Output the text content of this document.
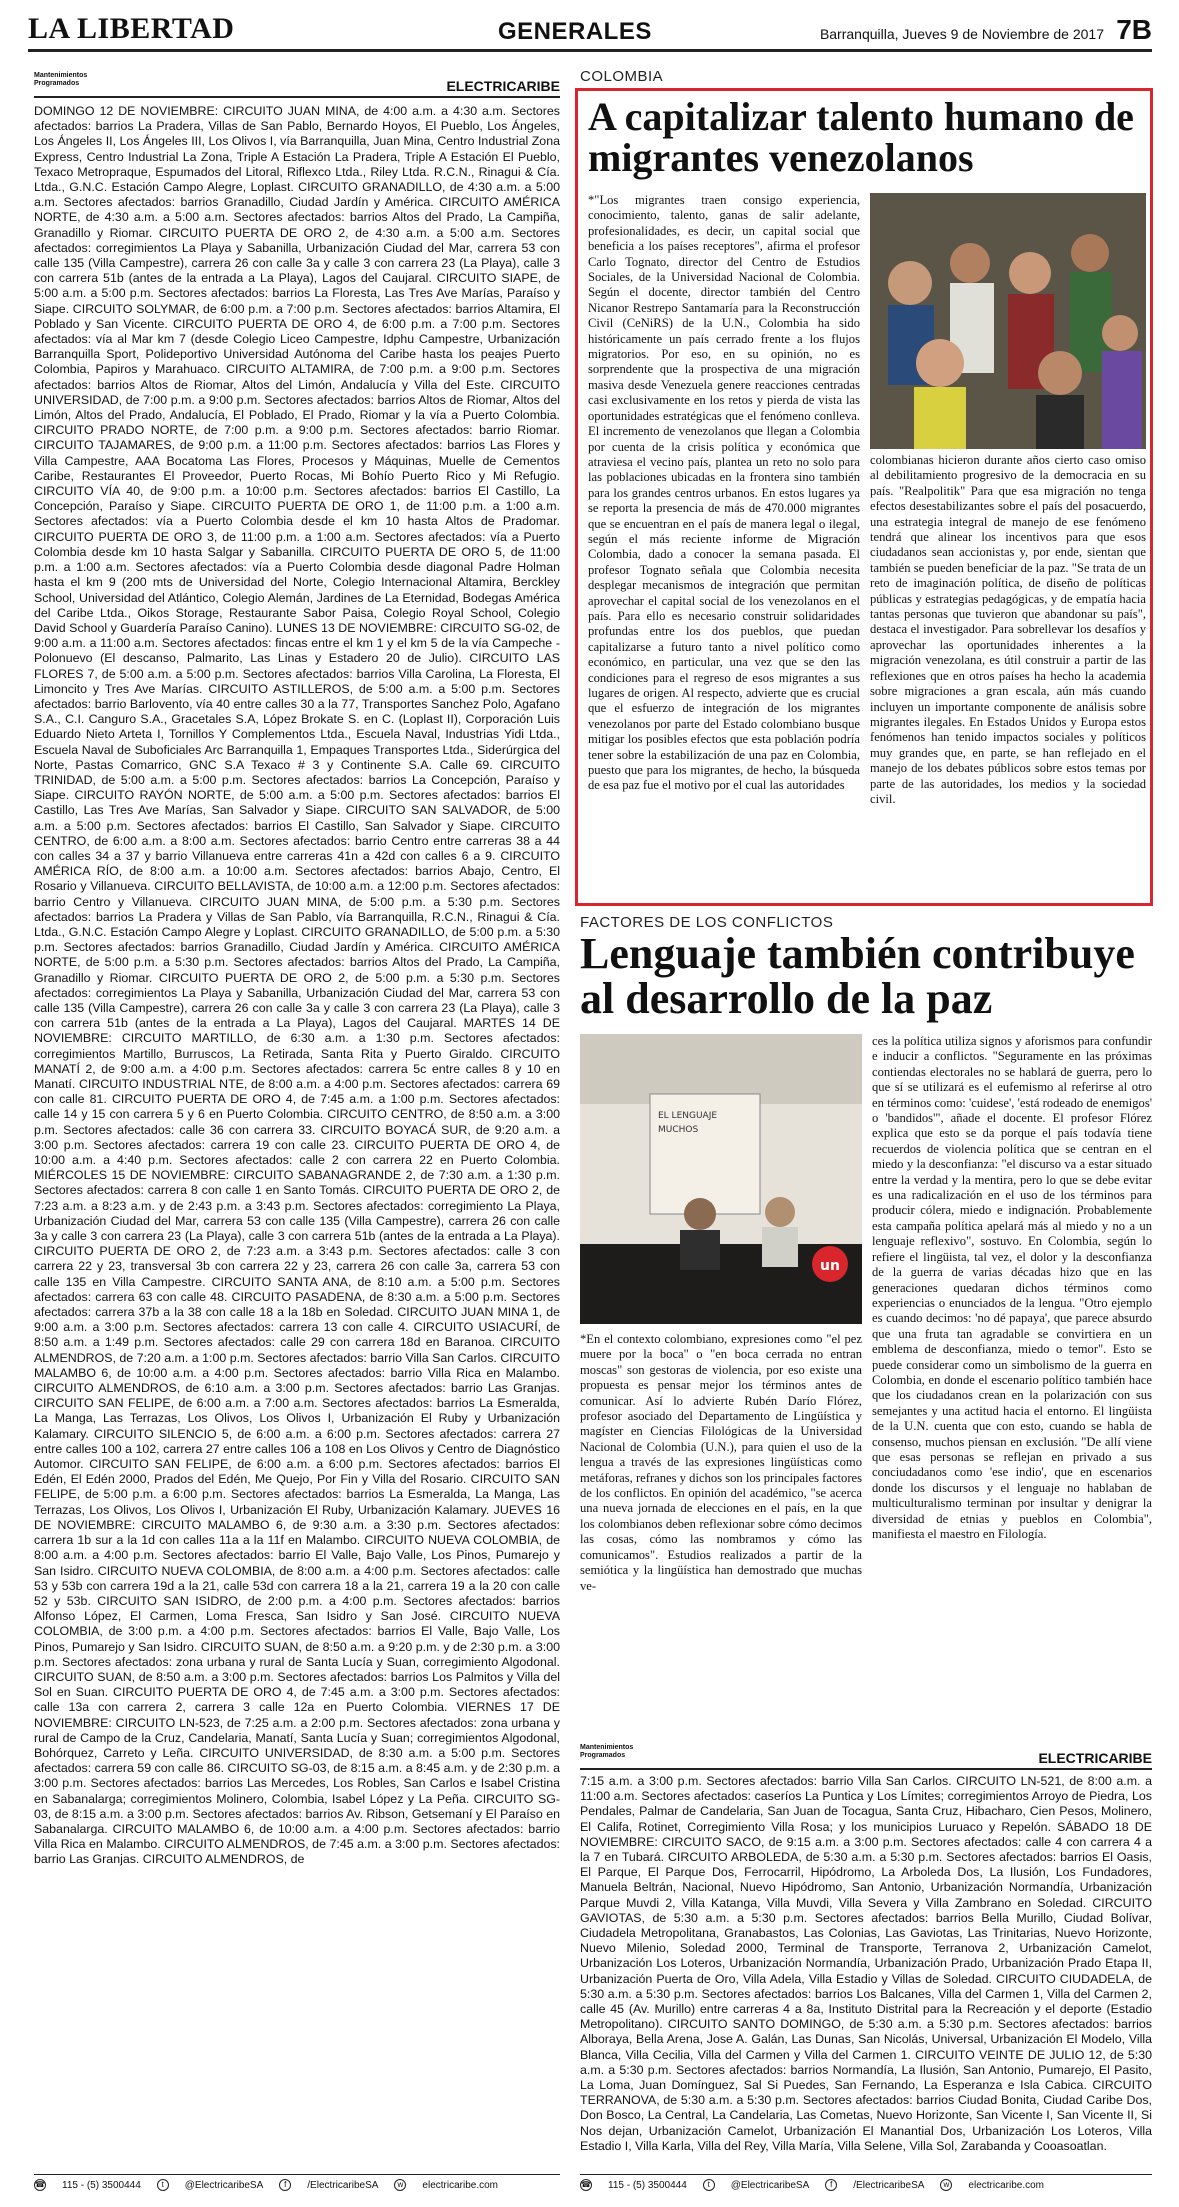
LA LIBERTAD	GENERALES	Barranquilla, Jueves 9 de Noviembre de 2017 7B
Mantenimientos
Programados	ELECTRICARIBE
DOMINGO 12 DE NOVIEMBRE: CIRCUITO JUAN MINA, de 4:00 a.m. a 4:30 a.m. Sectores afectados: barrios La Pradera, Villas de San Pablo, Bernardo Hoyos, El Pueblo, Los Ángeles, Los Ángeles II, Los Ángeles III, Los Olivos I, vía Barranquilla, Juan Mina, Centro Industrial Zona Express, Centro Industrial La Zona, Triple A Estación La Pradera, Triple A Estación El Pueblo, Texaco Metropraque, Espumados del Litoral, Riflexco Ltda., Riley Ltda. R.C.N., Rinagui & Cía. Ltda., G.N.C. Estación Campo Alegre, Loplast. CIRCUITO GRANADILLO, de 4:30 a.m. a 5:00 a.m. Sectores afectados: barrios Granadillo, Ciudad Jardín y América. CIRCUITO AMÉRICA NORTE, de 4:30 a.m. a 5:00 a.m. Sectores afectados: barrios Altos del Prado, La Campiña, Granadillo y Riomar. CIRCUITO PUERTA DE ORO 2, de 4:30 a.m. a 5:00 a.m. Sectores afectados: corregimientos La Playa y Sabanilla, Urbanización Ciudad del Mar, carrera 53 con calle 135 (Villa Campestre), carrera 26 con calle 3a y calle 3 con carrera 23 (La Playa), calle 3 con carrera 51b (antes de la entrada a La Playa), Lagos del Caujaral. CIRCUITO SIAPE, de 5:00 a.m. a 5:00 p.m. Sectores afectados: barrios La Floresta, Las Tres Ave Marías, Paraíso y Siape. CIRCUITO SOLYMAR, de 6:00 p.m. a 7:00 p.m. Sectores afectados: barrios Altamira, El Poblado y San Vicente. CIRCUITO PUERTA DE ORO 4, de 6:00 p.m. a 7:00 p.m. Sectores afectados: vía al Mar km 7 (desde Colegio Liceo Campestre, Idphu Campestre, Urbanización Barranquilla Sport, Polideportivo Universidad Autónoma del Caribe hasta los peajes Puerto Colombia, Papiros y Marahuaco. CIRCUITO ALTAMIRA, de 7:00 p.m. a 9:00 p.m. Sectores afectados: barrios Altos de Riomar, Altos del Limón, Andalucía y Villa del Este. CIRCUITO UNIVERSIDAD, de 7:00 p.m. a 9:00 p.m. Sectores afectados: barrios Altos de Riomar, Altos del Limón, Altos del Prado, Andalucía, El Poblado, El Prado, Riomar y la vía a Puerto Colombia. CIRCUITO PRADO NORTE, de 7:00 p.m. a 9:00 p.m. Sectores afectados: barrio Riomar. CIRCUITO TAJAMARES, de 9:00 p.m. a 11:00 p.m. Sectores afectados: barrios Las Flores y Villa Campestre, AAA Bocatoma Las Flores, Procesos y Máquinas, Muelle de Cementos Caribe, Restaurantes El Proveedor, Puerto Rocas, Mi Bohío Puerto Rico y Mi Refugio. CIRCUITO VÍA 40, de 9:00 p.m. a 10:00 p.m. Sectores afectados: barrios El Castillo, La Concepción, Paraíso y Siape. CIRCUITO PUERTA DE ORO 1, de 11:00 p.m. a 1:00 a.m. Sectores afectados: vía a Puerto Colombia desde el km 10 hasta Altos de Pradomar. CIRCUITO PUERTA DE ORO 3, de 11:00 p.m. a 1:00 a.m. Sectores afectados: vía a Puerto Colombia desde km 10 hasta Salgar y Sabanilla. CIRCUITO PUERTA DE ORO 5, de 11:00 p.m. a 1:00 a.m. Sectores afectados: vía a Puerto Colombia desde diagonal Padre Holman hasta el km 9 (200 mts de Universidad del Norte, Colegio Internacional Altamira, Berckley School, Universidad del Atlántico, Colegio Alemán, Jardines de La Eternidad, Bodegas América del Caribe Ltda., Oikos Storage, Restaurante Sabor Paisa, Colegio Royal School, Colegio David School y Guardería Paraíso Canino). LUNES 13 DE NOVIEMBRE: CIRCUITO SG-02, de 9:00 a.m. a 11:00 a.m. Sectores afectados: fincas entre el km 1 y el km 5 de la vía Campeche - Polonuevo (El descanso, Palmarito, Las Linas y Estadero 20 de Julio). CIRCUITO LAS FLORES 7, de 5:00 a.m. a 5:00 p.m. Sectores afectados: barrios Villa Carolina, La Floresta, El Limoncito y Tres Ave Marías. CIRCUITO ASTILLEROS, de 5:00 a.m. a 5:00 p.m. Sectores afectados: barrio Barlovento, vía 40 entre calles 30 a la 77, Transportes Sanchez Polo, Agafano S.A., C.I. Canguro S.A., Gracetales S.A, López Brokate S. en C. (Loplast II), Corporación Luis Eduardo Nieto Arteta I, Tornillos Y Complementos Ltda., Escuela Naval, Industrias Yidi Ltda., Escuela Naval de Suboficiales Arc Barranquilla 1, Empaques Transportes Ltda., Siderúrgica del Norte, Pastas Comarrico, GNC S.A Texaco # 3 y Continente S.A. Calle 69. CIRCUITO TRINIDAD, de 5:00 a.m. a 5:00 p.m. Sectores afectados: barrios La Concepción, Paraíso y Siape. CIRCUITO RAYÓN NORTE, de 5:00 a.m. a 5:00 p.m. Sectores afectados: barrios El Castillo, Las Tres Ave Marías, San Salvador y Siape. CIRCUITO SAN SALVADOR, de 5:00 a.m. a 5:00 p.m. Sectores afectados: barrios El Castillo, San Salvador y Siape. CIRCUITO CENTRO, de 6:00 a.m. a 8:00 a.m. Sectores afectados: barrio Centro entre carreras 38 a 44 con calles 34 a 37 y barrio Villanueva entre carreras 41n a 42d con calles 6 a 9. CIRCUITO AMÉRICA RÍO, de 8:00 a.m. a 10:00 a.m. Sectores afectados: barrios Abajo, Centro, El Rosario y Villanueva. CIRCUITO BELLAVISTA, de 10:00 a.m. a 12:00 p.m. Sectores afectados: barrio Centro y Villanueva. CIRCUITO JUAN MINA, de 5:00 p.m. a 5:30 p.m. Sectores afectados: barrios La Pradera y Villas de San Pablo, vía Barranquilla, R.C.N., Rinagui & Cía. Ltda., G.N.C. Estación Campo Alegre y Loplast. CIRCUITO GRANADILLO, de 5:00 p.m. a 5:30 p.m. Sectores afectados: barrios Granadillo, Ciudad Jardín y América. CIRCUITO AMÉRICA NORTE, de 5:00 p.m. a 5:30 p.m. Sectores afectados: barrios Altos del Prado, La Campiña, Granadillo y Riomar. CIRCUITO PUERTA DE ORO 2, de 5:00 p.m. a 5:30 p.m. Sectores afectados: corregimientos La Playa y Sabanilla, Urbanización Ciudad del Mar, carrera 53 con calle 135 (Villa Campestre), carrera 26 con calle 3a y calle 3 con carrera 23 (La Playa), calle 3 con carrera 51b (antes de la entrada a La Playa), Lagos del Caujaral. MARTES 14 DE NOVIEMBRE: CIRCUITO MARTILLO, de 6:30 a.m. a 1:30 p.m. Sectores afectados: corregimientos Martillo, Burruscos, La Retirada, Santa Rita y Puerto Giraldo. CIRCUITO MANATÍ 2, de 9:00 a.m. a 4:00 p.m. Sectores afectados: carrera 5c entre calles 8 y 10 en Manatí. CIRCUITO INDUSTRIAL NTE, de 8:00 a.m. a 4:00 p.m. Sectores afectados: carrera 69 con calle 81. CIRCUITO PUERTA DE ORO 4, de 7:45 a.m. a 1:00 p.m. Sectores afectados: calle 14 y 15 con carrera 5 y 6 en Puerto Colombia. CIRCUITO CENTRO, de 8:50 a.m. a 3:00 p.m. Sectores afectados: calle 36 con carrera 33. CIRCUITO BOYACÁ SUR, de 9:20 a.m. a 3:00 p.m. Sectores afectados: carrera 19 con calle 23. CIRCUITO PUERTA DE ORO 4, de 10:00 a.m. a 4:40 p.m. Sectores afectados: calle 2 con carrera 22 en Puerto Colombia. MIÉRCOLES 15 DE NOVIEMBRE: CIRCUITO SABANAGRANDE 2, de 7:30 a.m. a 1:30 p.m. Sectores afectados: carrera 8 con calle 1 en Santo Tomás. CIRCUITO PUERTA DE ORO 2, de 7:23 a.m. a 8:23 a.m. y de 2:43 p.m. a 3:43 p.m. Sectores afectados: corregimiento La Playa, Urbanización Ciudad del Mar, carrera 53 con calle 135 (Villa Campestre), carrera 26 con calle 3a y calle 3 con carrera 23 (La Playa), calle 3 con carrera 51b (antes de la entrada a La Playa). CIRCUITO PUERTA DE ORO 2, de 7:23 a.m. a 3:43 p.m. Sectores afectados: calle 3 con carrera 22 y 23, transversal 3b con carrera 22 y 23, carrera 26 con calle 3a, carrera 53 con calle 135 en Villa Campestre. CIRCUITO SANTA ANA, de 8:10 a.m. a 5:00 p.m. Sectores afectados: carrera 63 con calle 48. CIRCUITO PASADENA, de 8:30 a.m. a 5:00 p.m. Sectores afectados: carrera 37b a la 38 con calle 18 a la 18b en Soledad. CIRCUITO JUAN MINA 1, de 9:00 a.m. a 3:00 p.m. Sectores afectados: carrera 13 con calle 4. CIRCUITO USIACURÍ, de 8:50 a.m. a 1:49 p.m. Sectores afectados: calle 29 con carrera 18d en Baranoa. CIRCUITO ALMENDROS, de 7:20 a.m. a 1:00 p.m. Sectores afectados: barrio Villa San Carlos. CIRCUITO MALAMBO 6, de 10:00 a.m. a 4:00 p.m. Sectores afectados: barrio Villa Rica en Malambo. CIRCUITO ALMENDROS, de 6:10 a.m. a 3:00 p.m. Sectores afectados: barrio Las Granjas. CIRCUITO SAN FELIPE, de 6:00 a.m. a 7:00 a.m. Sectores afectados: barrios La Esmeralda, La Manga, Las Terrazas, Los Olivos, Los Olivos I, Urbanización El Ruby y Urbanización Kalamary. CIRCUITO SILENCIO 5, de 6:00 a.m. a 6:00 p.m. Sectores afectados: carrera 27 entre calles 100 a 102, carrera 27 entre calles 106 a 108 en Los Olivos y Centro de Diagnóstico Automor. CIRCUITO SAN FELIPE, de 6:00 a.m. a 6:00 p.m. Sectores afectados: barrios El Edén, El Edén 2000, Prados del Edén, Me Quejo, Por Fin y Villa del Rosario. CIRCUITO SAN FELIPE, de 5:00 p.m. a 6:00 p.m. Sectores afectados: barrios La Esmeralda, La Manga, Las Terrazas, Los Olivos, Los Olivos I, Urbanización El Ruby, Urbanización Kalamary. JUEVES 16 DE NOVIEMBRE: CIRCUITO MALAMBO 6, de 9:30 a.m. a 3:30 p.m. Sectores afectados: carrera 1b sur a la 1d con calles 11a a la 11f en Malambo. CIRCUITO NUEVA COLOMBIA, de 8:00 a.m. a 4:00 p.m. Sectores afectados: barrio El Valle, Bajo Valle, Los Pinos, Pumarejo y San Isidro. CIRCUITO NUEVA COLOMBIA, de 8:00 a.m. a 4:00 p.m. Sectores afectados: calle 53 y 53b con carrera 19d a la 21, calle 53d con carrera 18 a la 21, carrera 19 a la 20 con calle 52 y 53b. CIRCUITO SAN ISIDRO, de 2:00 p.m. a 4:00 p.m. Sectores afectados: barrios Alfonso López, El Carmen, Loma Fresca, San Isidro y San José. CIRCUITO NUEVA COLOMBIA, de 3:00 p.m. a 4:00 p.m. Sectores afectados: barrios El Valle, Bajo Valle, Los Pinos, Pumarejo y San Isidro. CIRCUITO SUAN, de 8:50 a.m. a 9:20 p.m. y de 2:30 p.m. a 3:00 p.m. Sectores afectados: zona urbana y rural de Santa Lucía y Suan, corregimiento Algodonal. CIRCUITO SUAN, de 8:50 a.m. a 3:00 p.m. Sectores afectados: barrios Los Palmitos y Villa del Sol en Suan. CIRCUITO PUERTA DE ORO 4, de 7:45 a.m. a 3:00 p.m. Sectores afectados: calle 13a con carrera 2, carrera 3 calle 12a en Puerto Colombia. VIERNES 17 DE NOVIEMBRE: CIRCUITO LN-523, de 7:25 a.m. a 2:00 p.m. Sectores afectados: zona urbana y rural de Campo de la Cruz, Candelaria, Manatí, Santa Lucía y Suan; corregimientos Algodonal, Bohórquez, Carreto y Leña. CIRCUITO UNIVERSIDAD, de 8:30 a.m. a 5:00 p.m. Sectores afectados: carrera 59 con calle 86. CIRCUITO SG-03, de 8:15 a.m. a 8:45 a.m. y de 2:30 p.m. a 3:00 p.m. Sectores afectados: barrios Las Mercedes, Los Robles, San Carlos e Isabel Cristina en Sabanalarga; corregimientos Molinero, Colombia, Isabel López y La Peña. CIRCUITO SG-03, de 8:15 a.m. a 3:00 p.m. Sectores afectados: barrios Av. Ribson, Getsemaní y El Paraíso en Sabanalarga. CIRCUITO MALAMBO 6, de 10:00 a.m. a 4:00 p.m. Sectores afectados: barrio Villa Rica en Malambo. CIRCUITO ALMENDROS, de 7:45 a.m. a 3:00 p.m. Sectores afectados: barrio Las Granjas. CIRCUITO ALMENDROS, de
☎ 115 - (5) 3500444	t	@ElectricaribeSA	f	/ElectricaribeSA	w	electricaribe.com
COLOMBIA
A capitalizar talento humano de migrantes venezolanos
*"Los migrantes traen consigo experiencia, conocimiento, talento, ganas de salir adelante, profesionalidades, es decir, un capital social que beneficia a los países receptores", afirma el profesor Carlo Tognato, director del Centro de Estudios Sociales, de la Universidad Nacional de Colombia. Según el docente, director también del Centro Nicanor Restrepo Santamaría para la Reconstrucción Civil (CeNiRS) de la U.N., Colombia ha sido históricamente un país cerrado frente a los flujos migratorios. Por eso, en su opinión, no es sorprendente que la prospectiva de una migración masiva desde Venezuela genere reacciones centradas casi exclusivamente en los retos y pierda de vista las oportunidades estratégicas que el fenómeno conlleva. El incremento de venezolanos que llegan a Colombia por cuenta de la crisis política y económica que atraviesa el vecino país, plantea un reto no solo para las poblaciones ubicadas en la frontera sino también para los grandes centros urbanos. En estos lugares ya se reporta la presencia de más de 470.000 migrantes que se encuentran en el país de manera legal o ilegal, según el más reciente informe de Migración Colombia, dado a conocer la semana pasada. El profesor Tognato señala que Colombia necesita desplegar mecanismos de integración que permitan aprovechar el capital social de los venezolanos en el país. Para ello es necesario construir solidaridades profundas entre los dos pueblos, que puedan capitalizarse a futuro tanto a nivel político como económico, en particular, una vez que se den las condiciones para el regreso de esos migrantes a sus lugares de origen. Al respecto, advierte que es crucial que el esfuerzo de integración de los migrantes venezolanos por parte del Estado colombiano busque mitigar los posibles efectos que esta población podría tener sobre la estabilización de una paz en Colombia, puesto que para los migrantes, de hecho, la búsqueda de esa paz fue el motivo por el cual las autoridades
colombianas hicieron durante años cierto caso omiso al debilitamiento progresivo de la democracia en su país. "Realpolitik" Para que esa migración no tenga efectos desestabilizantes sobre el país del posacuerdo, una estrategia integral de manejo de ese fenómeno tendrá que alinear los incentivos para que esos ciudadanos sean accionistas y, por ende, sientan que también se pueden beneficiar de la paz. "Se trata de un reto de imaginación política, de diseño de políticas públicas y estrategias pedagógicas, y de empatía hacia tantas personas que tuvieron que abandonar su país", destaca el investigador. Para sobrellevar los desafíos y aprovechar las oportunidades inherentes a la migración venezolana, es útil construir a partir de las reflexiones que en otros países ha hecho la academia sobre migraciones a gran escala, aún más cuando incluyen un importante componente de análisis sobre migrantes ilegales. En Estados Unidos y Europa estos fenómenos han tenido impactos sociales y políticos muy grandes que, en parte, se han reflejado en el manejo de los debates públicos sobre estos temas por parte de las autoridades, los medios y la sociedad civil.
FACTORES DE LOS CONFLICTOS
Lenguaje también contribuye al desarrollo de la paz
EL LENGUAJE
MUCHOS
un
*En el contexto colombiano, expresiones como "el pez muere por la boca" o "en boca cerrada no entran moscas" son gestoras de violencia, por eso existe una propuesta es pensar mejor los términos antes de comunicar. Así lo advierte Rubén Darío Flórez, profesor asociado del Departamento de Lingüística y magíster en Ciencias Filológicas de la Universidad Nacional de Colombia (U.N.), para quien el uso de la lengua a través de las expresiones lingüísticas como metáforas, refranes y dichos son los principales factores de los conflictos. En opinión del académico, "se acerca una nueva jornada de elecciones en el país, en la que los colombianos deben reflexionar sobre cómo decimos las cosas, cómo las nombramos y cómo las comunicamos". Estudios realizados a partir de la semiótica y la lingüística han demostrado que muchas ve-
ces la política utiliza signos y aforismos para confundir e inducir a conflictos. "Seguramente en las próximas contiendas electorales no se hablará de guerra, pero lo que sí se utilizará es el eufemismo al referirse al otro en términos como: 'cuidese', 'está rodeado de enemigos' o 'bandidos'", añade el docente. El profesor Flórez explica que esto se da porque el país todavía tiene recuerdos de violencia política que se centran en el miedo y la desconfianza: "el discurso va a estar situado entre la verdad y la mentira, pero lo que se debe evitar es una radicalización en el uso de los términos para producir cólera, miedo e indignación. Probablemente esta campaña política apelará más al miedo y no a un lenguaje reflexivo", sostuvo. En Colombia, según lo refiere el lingüista, tal vez, el dolor y la desconfianza de la guerra de varias décadas hizo que en las generaciones quedaran dichos términos como experiencias o enunciados de la lengua. "Otro ejemplo es cuando decimos: 'no dé papaya', que parece absurdo que una fruta tan agradable se convirtiera en un emblema de desconfianza, miedo o temor". Esto se puede considerar como un simbolismo de la guerra en Colombia, en donde el escenario político también hace que los ciudadanos crean en la polarización con sus semejantes y una actitud hacia el entorno. El lingüista de la U.N. cuenta que con esto, cuando se habla de consenso, muchos piensan en exclusión. "De allí viene que esas personas se reflejan en privado a sus conciudadanos como 'ese indio', que en escenarios donde los discursos y el lenguaje no hablaban de multiculturalismo terminan por insultar y denigrar la diversidad de etnias y pueblos en Colombia", manifiesta el maestro en Filología.
Mantenimientos
Programados	ELECTRICARIBE
7:15 a.m. a 3:00 p.m. Sectores afectados: barrio Villa San Carlos. CIRCUITO LN-521, de 8:00 a.m. a 11:00 a.m. Sectores afectados: caseríos La Puntica y Los Límites; corregimientos Arroyo de Piedra, Los Pendales, Palmar de Candelaria, San Juan de Tocagua, Santa Cruz, Hibacharo, Cien Pesos, Molinero, El Califa, Rotinet, Corregimiento Villa Rosa; y los municipios Luruaco y Repelón. SÁBADO 18 DE NOVIEMBRE: CIRCUITO SACO, de 9:15 a.m. a 3:00 p.m. Sectores afectados: calle 4 con carrera 4 a la 7 en Tubará. CIRCUITO ARBOLEDA, de 5:30 a.m. a 5:30 p.m. Sectores afectados: barrios El Oasis, El Parque, El Parque Dos, Ferrocarril, Hipódromo, La Arboleda Dos, La Ilusión, Los Fundadores, Manuela Beltrán, Nacional, Nuevo Hipódromo, San Antonio, Urbanización Normandía, Urbanización Parque Muvdi 2, Villa Katanga, Villa Muvdi, Villa Severa y Villa Zambrano en Soledad. CIRCUITO GAVIOTAS, de 5:30 a.m. a 5:30 p.m. Sectores afectados: barrios Bella Murillo, Ciudad Bolívar, Ciudadela Metropolitana, Granabastos, Las Colonias, Las Gaviotas, Las Trinitarias, Nuevo Horizonte, Nuevo Milenio, Soledad 2000, Terminal de Transporte, Terranova 2, Urbanización Camelot, Urbanización Los Loteros, Urbanización Normandía, Urbanización Prado, Urbanización Prado Etapa II, Urbanización Puerta de Oro, Villa Adela, Villa Estadio y Villas de Soledad. CIRCUITO CIUDADELA, de 5:30 a.m. a 5:30 p.m. Sectores afectados: barrios Los Balcanes, Villa del Carmen 1, Villa del Carmen 2, calle 45 (Av. Murillo) entre carreras 4 a 8a, Instituto Distrital para la Recreación y el deporte (Estadio Metropolitano). CIRCUITO SANTO DOMINGO, de 5:30 a.m. a 5:30 p.m. Sectores afectados: barrios Alboraya, Bella Arena, Jose A. Galán, Las Dunas, San Nicolás, Universal, Urbanización El Modelo, Villa Blanca, Villa Cecilia, Villa del Carmen y Villa del Carmen 1. CIRCUITO VEINTE DE JULIO 12, de 5:30 a.m. a 5:30 p.m. Sectores afectados: barrios Normandía, La Ilusión, San Antonio, Pumarejo, El Pasito, La Loma, Juan Domínguez, Sal Si Puedes, San Fernando, La Esperanza e Isla Cabica. CIRCUITO TERRANOVA, de 5:30 a.m. a 5:30 p.m. Sectores afectados: barrios Ciudad Bonita, Ciudad Caribe Dos, Don Bosco, La Central, La Candelaria, Las Cometas, Nuevo Horizonte, San Vicente I, San Vicente II, Si Nos dejan, Urbanización Camelot, Urbanización El Manantial Dos, Urbanización Los Loteros, Villa Estadio I, Villa Karla, Villa del Rey, Villa María, Villa Selene, Villa Sol, Zarabanda y Cooasoatlan.
☎ 115 - (5) 3500444	t	@ElectricaribeSA	f	/ElectricaribeSA	w	electricaribe.com
